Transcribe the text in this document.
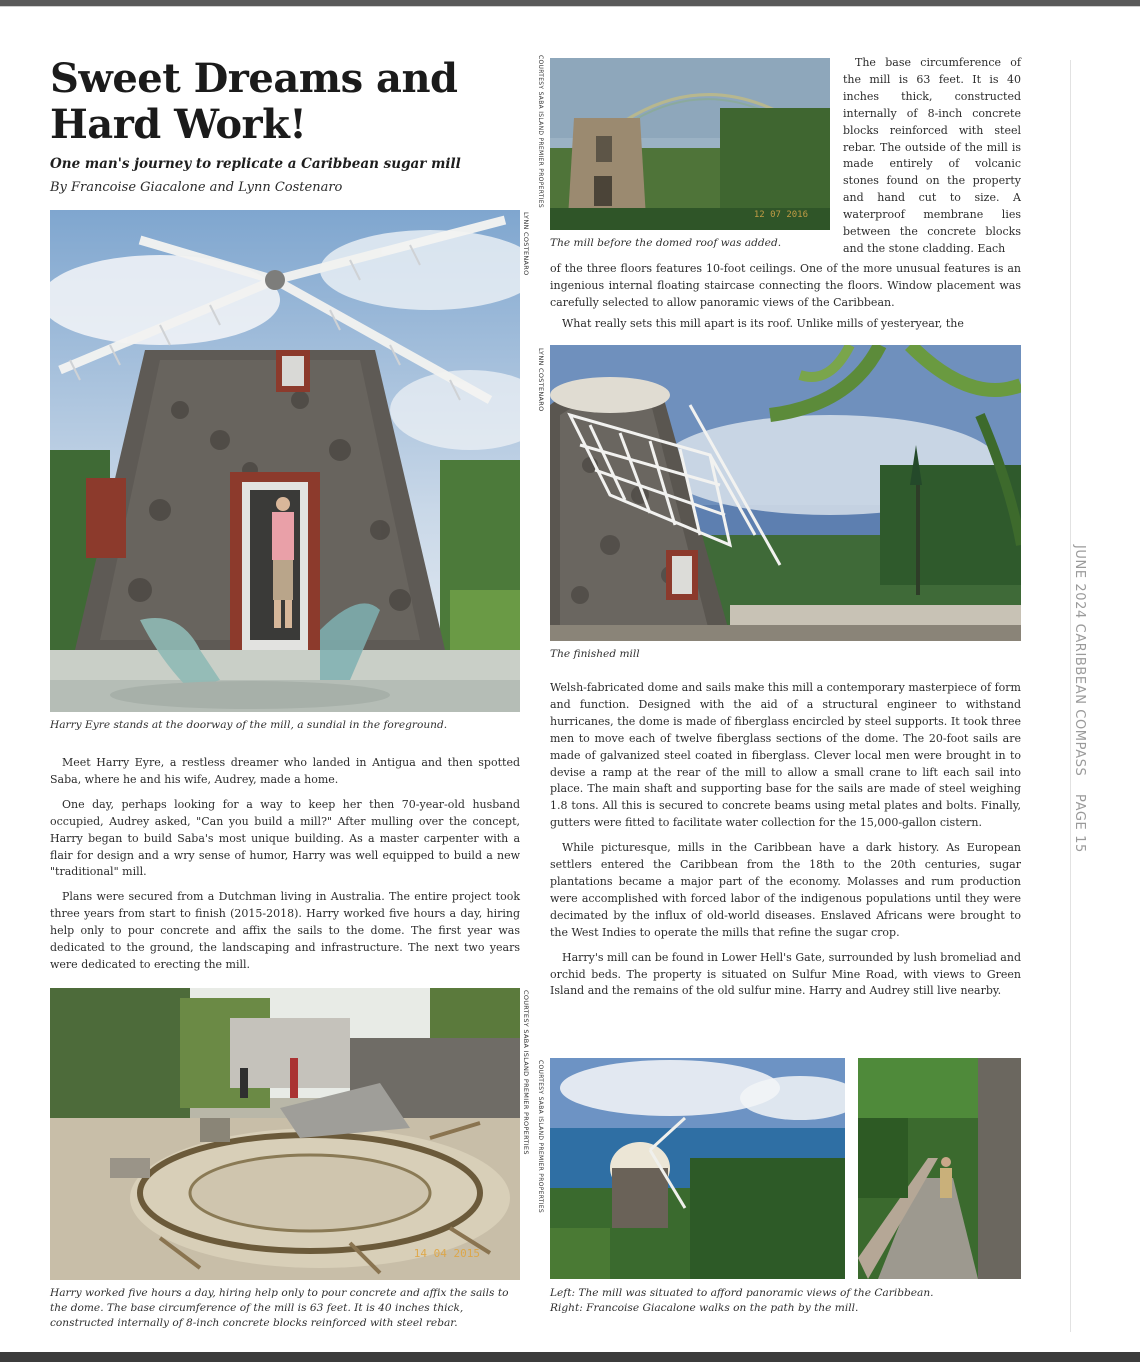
Sweet Dreams and
Hard Work!

One man's journey to replicate a Caribbean sugar mill

By Francoise Giacalone and Lynn Costenaro

LYNN COSTENARO

Harry Eyre stands at the doorway of the mill, a sundial in the foreground.

Meet Harry Eyre, a restless dreamer who landed in Antigua and then spotted Saba, where he and his wife, Audrey, made a home.

One day, perhaps looking for a way to keep her then 70-year-old husband occupied, Audrey asked, "Can you build a mill?" After mulling over the concept, Harry began to build Saba's most unique building. As a master carpenter with a flair for design and a wry sense of humor, Harry was well equipped to build a new "traditional" mill.

Plans were secured from a Dutchman living in Australia. The entire project took three years from start to finish (2015-2018). Harry worked five hours a day, hiring help only to pour concrete and affix the sails to the dome. The first year was dedicated to the ground, the landscaping and infrastructure. The next two years were dedicated to erecting the mill.

14 04 2015
COURTESY SABA ISLAND PREMIER PROPERTIES

Harry worked five hours a day, hiring help only to pour concrete and affix the sails to the dome. The base circumference of the mill is 63 feet. It is 40 inches thick, constructed internally of 8-inch concrete blocks reinforced with steel rebar.

12 07 2016
COURTESY SABA ISLAND PREMIER PROPERTIES

The mill before the domed roof was added.

The base circumference of the mill is 63 feet. It is 40 inches thick, constructed internally of 8-inch concrete blocks reinforced with steel rebar. The outside of the mill is made entirely of volcanic stones found on the property and hand cut to size. A waterproof membrane lies between the concrete blocks and the stone cladding. Each

of the three floors features 10-foot ceilings. One of the more unusual features is an ingenious internal floating staircase connecting the floors. Window placement was carefully selected to allow panoramic views of the Caribbean.

What really sets this mill apart is its roof. Unlike mills of yesteryear, the

LYNN COSTENARO

The finished mill

Welsh-fabricated dome and sails make this mill a contemporary masterpiece of form and function. Designed with the aid of a structural engineer to withstand hurricanes, the dome is made of fiberglass encircled by steel supports. It took three men to move each of twelve fiberglass sections of the dome. The 20-foot sails are made of galvanized steel coated in fiberglass. Clever local men were brought in to devise a ramp at the rear of the mill to allow a small crane to lift each sail into place. The main shaft and supporting base for the sails are made of steel weighing 1.8 tons. All this is secured to concrete beams using metal plates and bolts. Finally, gutters were fitted to facilitate water collection for the 15,000-gallon cistern.

While picturesque, mills in the Caribbean have a dark history. As European settlers entered the Caribbean from the 18th to the 20th centuries, sugar plantations became a major part of the economy. Molasses and rum production were accomplished with forced labor of the indigenous populations until they were decimated by the influx of old-world diseases. Enslaved Africans were brought to the West Indies to operate the mills that refine the sugar crop.

Harry's mill can be found in Lower Hell's Gate, surrounded by lush bromeliad and orchid beds. The property is situated on Sulfur Mine Road, with views to Green Island and the remains of the old sulfur mine. Harry and Audrey still live nearby.

COURTESY SABA ISLAND PREMIER PROPERTIES

Left: The mill was situated to afford panoramic views of the Caribbean.
Right: Francoise Giacalone walks on the path by the mill.

JUNE 2024 CARIBBEAN COMPASSPAGE 15
